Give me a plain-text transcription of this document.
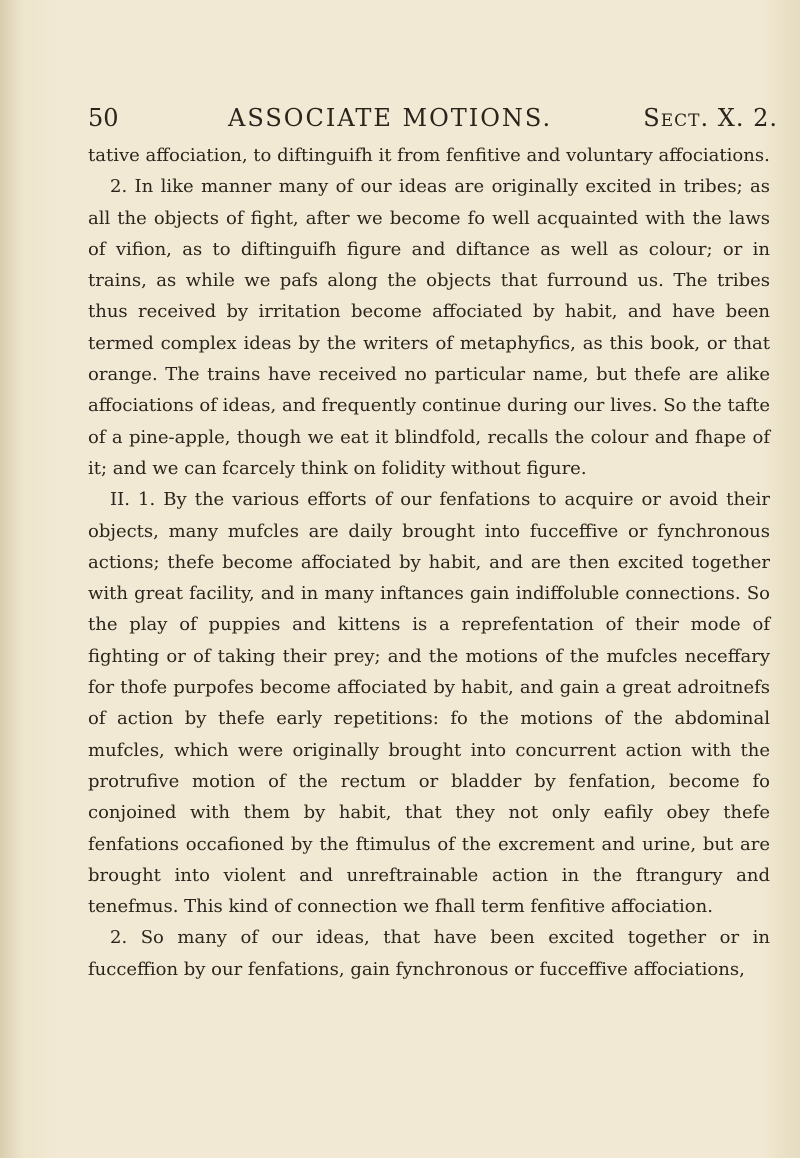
50	ASSOCIATE MOTIONS.	Sect. X. 2.

tative affociation, to diftinguifh it from fenfitive and voluntary affociations.

2. In like manner many of our ideas are originally excited in tribes; as all the objects of fight, after we become fo well acquainted with the laws of vifion, as to diftinguifh figure and diftance as well as colour; or in trains, as while we pafs along the objects that furround us. The tribes thus received by irritation become affociated by habit, and have been termed complex ideas by the writers of metaphyfics, as this book, or that orange. The trains have received no particular name, but thefe are alike affociations of ideas, and frequently continue during our lives. So the tafte of a pine-apple, though we eat it blindfold, recalls the colour and fhape of it; and we can fcarcely think on folidity without figure.

II. 1. By the various efforts of our fenfations to acquire or avoid their objects, many mufcles are daily brought into fucceffive or fynchronous actions; thefe become affociated by habit, and are then excited together with great facility, and in many inftances gain indiffoluble connections. So the play of puppies and kittens is a reprefentation of their mode of fighting or of taking their prey; and the motions of the mufcles neceffary for thofe purpofes become affociated by habit, and gain a great adroitnefs of action by thefe early repetitions: fo the motions of the abdominal mufcles, which were originally brought into concurrent action with the protrufive motion of the rectum or bladder by fenfation, become fo conjoined with them by habit, that they not only eafily obey thefe fenfations occafioned by the ftimulus of the excrement and urine, but are brought into violent and unreftrainable action in the ftrangury and tenefmus. This kind of connection we fhall term fenfitive affociation.

2. So many of our ideas, that have been excited together or in fucceffion by our fenfations, gain fynchronous or fucceffive affociations,
